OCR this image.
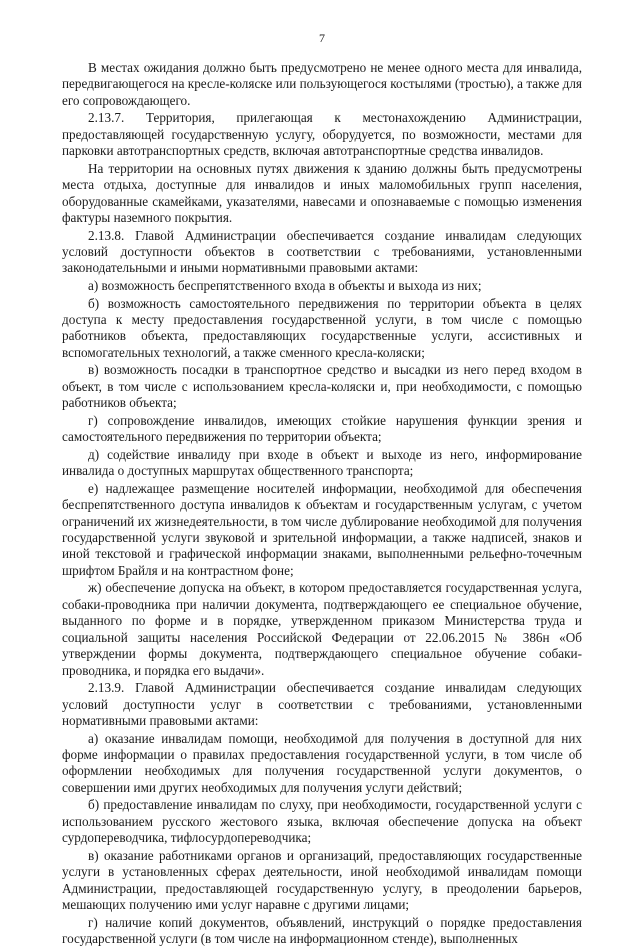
7

В местах ожидания должно быть предусмотрено не менее одного места для инвалида, передвигающегося на кресле-коляске или пользующегося костылями (тростью), а также для его сопровождающего.

2.13.7. Территория, прилегающая к местонахождению Администрации, предоставляющей государственную услугу, оборудуется, по возможности, местами для парковки автотранспортных средств, включая автотранспортные средства инвалидов.

На территории на основных путях движения к зданию должны быть предусмотрены места отдыха, доступные для инвалидов и иных маломобильных групп населения, оборудованные скамейками, указателями, навесами и опознаваемые с помощью изменения фактуры наземного покрытия.

2.13.8. Главой Администрации обеспечивается создание инвалидам следующих условий доступности объектов в соответствии с требованиями, установленными законодательными и иными нормативными правовыми актами:

а) возможность беспрепятственного входа в объекты и выхода из них;

б) возможность самостоятельного передвижения по территории объекта в целях доступа к месту предоставления государственной услуги, в том числе с помощью работников объекта, предоставляющих государственные услуги, ассистивных и вспомогательных технологий, а также сменного кресла-коляски;

в) возможность посадки в транспортное средство и высадки из него перед входом в объект, в том числе с использованием кресла-коляски и, при необходимости, с помощью работников объекта;

г) сопровождение инвалидов, имеющих стойкие нарушения функции зрения и самостоятельного передвижения по территории объекта;

д) содействие инвалиду при входе в объект и выходе из него, информирование инвалида о доступных маршрутах общественного транспорта;

е) надлежащее размещение носителей информации, необходимой для обеспечения беспрепятственного доступа инвалидов к объектам и государственным услугам, с учетом ограничений их жизнедеятельности, в том числе дублирование необходимой для получения государственной услуги звуковой и зрительной информации, а также надписей, знаков и иной текстовой и графической информации знаками, выполненными рельефно-точечным шрифтом Брайля и на контрастном фоне;

ж) обеспечение допуска на объект, в котором предоставляется государственная услуга, собаки-проводника при наличии документа, подтверждающего ее специальное обучение, выданного по форме и в порядке, утвержденном приказом Министерства труда и социальной защиты населения Российской Федерации от 22.06.2015 № 386н «Об утверждении формы документа, подтверждающего специальное обучение собаки-проводника, и порядка его выдачи».

2.13.9. Главой Администрации обеспечивается создание инвалидам следующих условий доступности услуг в соответствии с требованиями, установленными нормативными правовыми актами:

а) оказание инвалидам помощи, необходимой для получения в доступной для них форме информации о правилах предоставления государственной услуги, в том числе об оформлении необходимых для получения государственной услуги документов, о совершении ими других необходимых для получения услуги действий;

б) предоставление инвалидам по слуху, при необходимости, государственной услуги с использованием русского жестового языка, включая обеспечение допуска на объект сурдопереводчика, тифлосурдопереводчика;

в) оказание работниками органов и организаций, предоставляющих государственные услуги в установленных сферах деятельности, иной необходимой инвалидам помощи Администрации, предоставляющей государственную услугу, в преодолении барьеров, мешающих получению ими услуг наравне с другими лицами;

г) наличие копий документов, объявлений, инструкций о порядке предоставления государственной услуги (в том числе на информационном стенде), выполненных
